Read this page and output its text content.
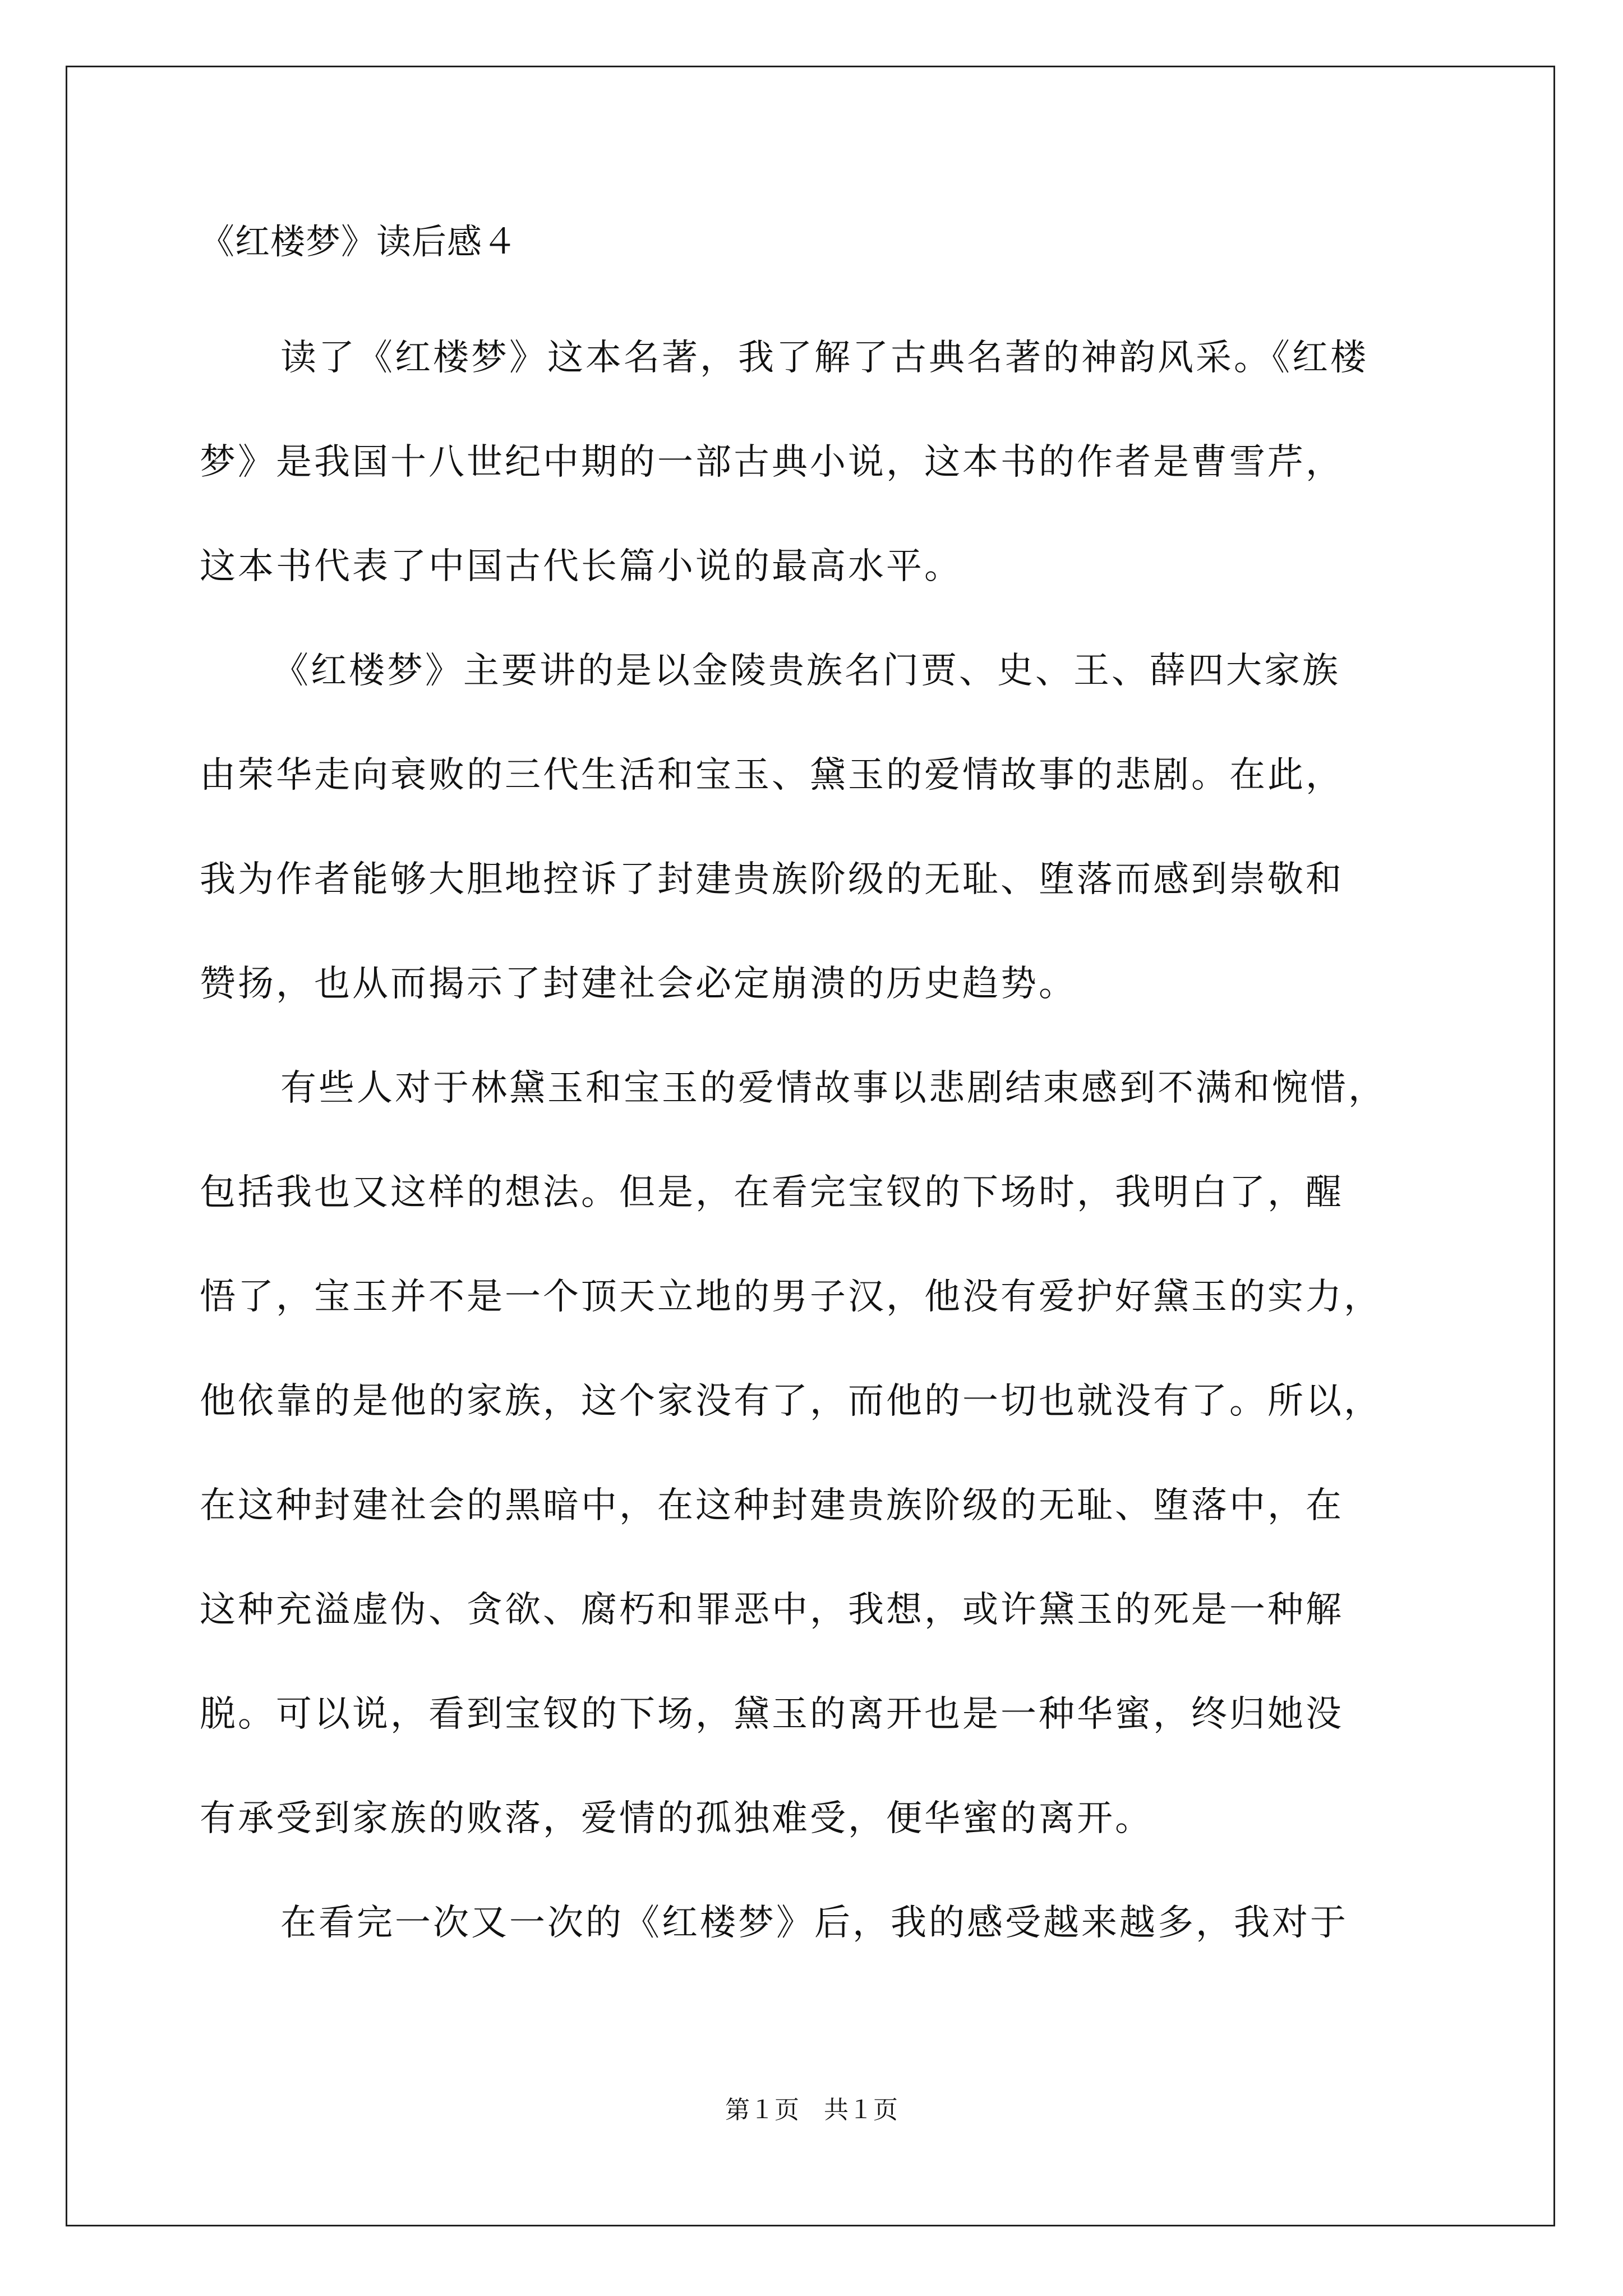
《红楼梦》读后感４
读了《红楼梦》这本名著，我了解了古典名著的神韵风采。《红楼
梦》是我国十八世纪中期的一部古典小说，这本书的作者是曹雪芹，
这本书代表了中国古代长篇小说的最高水平。
《红楼梦》主要讲的是以金陵贵族名门贾、史、王、薛四大家族
由荣华走向衰败的三代生活和宝玉、黛玉的爱情故事的悲剧。在此，
我为作者能够大胆地控诉了封建贵族阶级的无耻、堕落而感到崇敬和
赞扬，也从而揭示了封建社会必定崩溃的历史趋势。
有些人对于林黛玉和宝玉的爱情故事以悲剧结束感到不满和惋惜，
包括我也又这样的想法。但是，在看完宝钗的下场时，我明白了，醒
悟了，宝玉并不是一个顶天立地的男子汉，他没有爱护好黛玉的实力，
他依靠的是他的家族，这个家没有了，而他的一切也就没有了。所以，
在这种封建社会的黑暗中，在这种封建贵族阶级的无耻、堕落中，在
这种充溢虚伪、贪欲、腐朽和罪恶中，我想，或许黛玉的死是一种解
脱。可以说，看到宝钗的下场，黛玉的离开也是一种华蜜，终归她没
有承受到家族的败落，爱情的孤独难受，便华蜜的离开。
在看完一次又一次的《红楼梦》后，我的感受越来越多，我对于
第１页 共１页
